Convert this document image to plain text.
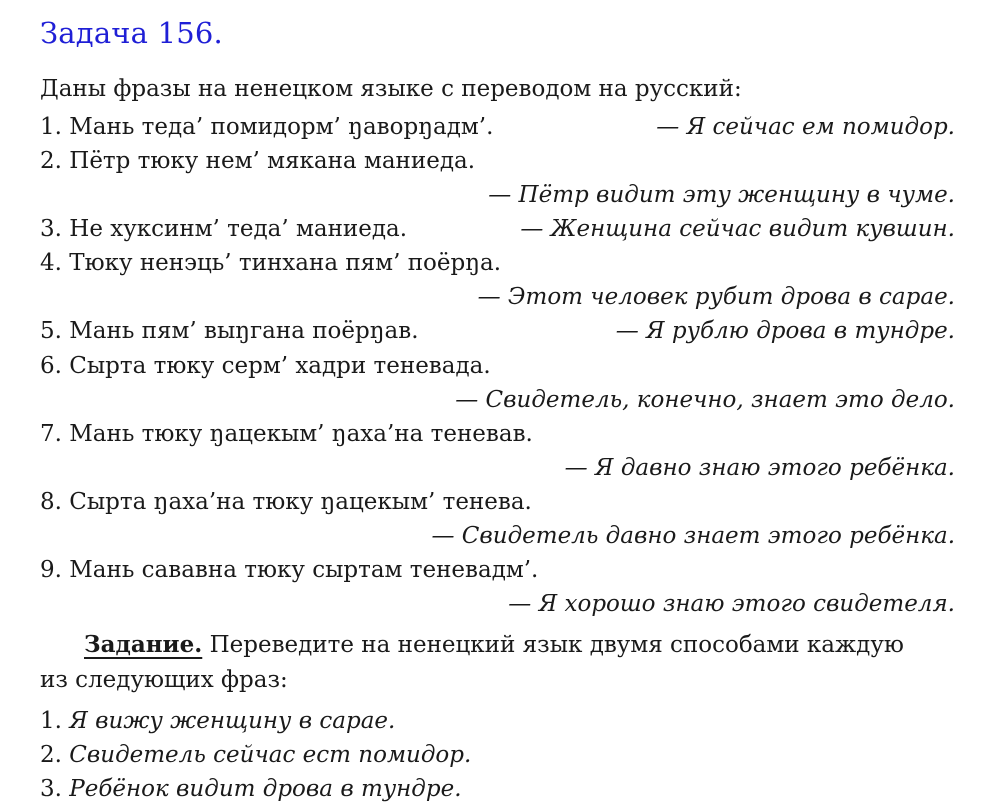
Задача 156.
Даны фразы на ненецком языке с переводом на русский:
1. Мань теда’ помидорм’ ŋаворŋадм’.	— Я сейчас ем помидор.
2. Пётр тюку нем’ мякана маниеда.
— Пётр видит эту женщину в чуме.
3. Не хуксинм’ теда’ маниеда.	— Женщина сейчас видит кувшин.
4. Тюку ненэць’ тинхана пям’ поёрŋа.
— Этот человек рубит дрова в сарае.
5. Мань пям’ выŋгана поёрŋав.	— Я рублю дрова в тундре.
6. Сырта тюку серм’ хадри теневада.
— Свидетель, конечно, знает это дело.
7. Мань тюку ŋацекым’ ŋаха’на теневав.
— Я давно знаю этого ребёнка.
8. Сырта ŋаха’на тюку ŋацекым’ тенева.
— Свидетель давно знает этого ребёнка.
9. Мань сававна тюку сыртам теневадм’.
— Я хорошо знаю этого свидетеля.
Задание. Переведите на ненецкий язык двумя способами каждую
из следующих фраз:
1. Я вижу женщину в сарае.
2. Свидетель сейчас ест помидор.
3. Ребёнок видит дрова в тундре.
